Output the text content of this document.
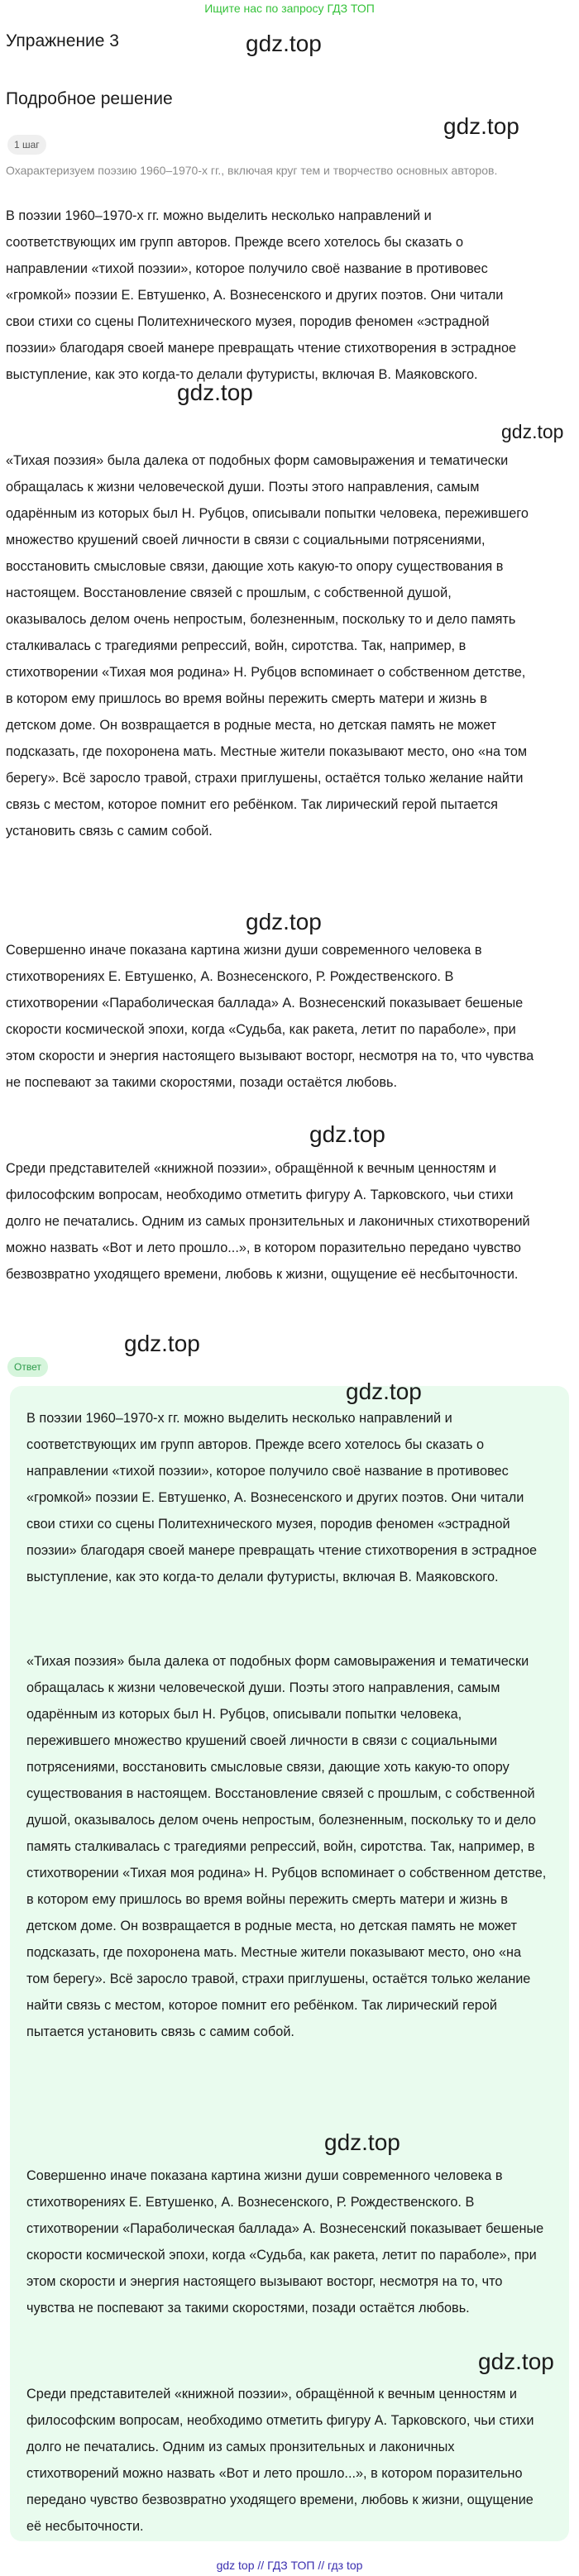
Ищите нас по запросу ГДЗ ТОП
Упражнение 3	gdz.top
Подробное решение
gdz.top
1 шаг
Охарактеризуем поэзию 1960–1970-х гг., включая круг тем и творчество основных авторов.

В поэзии 1960–1970-х гг. можно выделить несколько направлений и соответствующих им групп авторов. Прежде всего хотелось бы сказать о направлении «тихой поэзии», которое получило своё название в противовес «громкой» поэзии Е. Евтушенко, А. Вознесенского и других поэтов. Они читали свои стихи со сцены Политехнического музея, породив феномен «эстрадной поэзии» благодаря своей манере превращать чтение стихотворения в эстрадное выступление, как это когда-то делали футуристы, включая В. Маяковского.

gdz.top
gdz.top

«Тихая поэзия» была далека от подобных форм самовыражения и тематически обращалась к жизни человеческой души. Поэты этого направления, самым одарённым из которых был Н. Рубцов, описывали попытки человека, пережившего множество крушений своей личности в связи с социальными потрясениями, восстановить смысловые связи, дающие хоть какую-то опору существования в настоящем. Восстановление связей с прошлым, с собственной душой, оказывалось делом очень непростым, болезненным, поскольку то и дело память сталкивалась с трагедиями репрессий, войн, сиротства. Так, например, в стихотворении «Тихая моя родина» Н. Рубцов вспоминает о собственном детстве, в котором ему пришлось во время войны пережить смерть матери и жизнь в детском доме. Он возвращается в родные места, но детская память не может подсказать, где похоронена мать. Местные жители показывают место, оно «на том берегу». Всё заросло травой, страхи приглушены, остаётся только желание найти связь с местом, которое помнит его ребёнком. Так лирический герой пытается установить связь с самим собой.

gdz.top

Совершенно иначе показана картина жизни души современного человека в стихотворениях Е. Евтушенко, А. Вознесенского, Р. Рождественского. В стихотворении «Параболическая баллада» А. Вознесенский показывает бешеные скорости космической эпохи, когда «Судьба, как ракета, летит по параболе», при этом скорости и энергия настоящего вызывают восторг, несмотря на то, что чувства не поспевают за такими скоростями, позади остаётся любовь.

gdz.top

Среди представителей «книжной поэзии», обращённой к вечным ценностям и философским вопросам, необходимо отметить фигуру А. Тарковского, чьи стихи долго не печатались. Одним из самых пронзительных и лаконичных стихотворений можно назвать «Вот и лето прошло...», в котором поразительно передано чувство безвозвратно уходящего времени, любовь к жизни, ощущение её несбыточности.

Ответ
gdz.top
gdz.top

В поэзии 1960–1970-х гг. можно выделить несколько направлений и соответствующих им групп авторов. Прежде всего хотелось бы сказать о направлении «тихой поэзии», которое получило своё название в противовес «громкой» поэзии Е. Евтушенко, А. Вознесенского и других поэтов. Они читали свои стихи со сцены Политехнического музея, породив феномен «эстрадной поэзии» благодаря своей манере превращать чтение стихотворения в эстрадное выступление, как это когда-то делали футуристы, включая В. Маяковского.

«Тихая поэзия» была далека от подобных форм самовыражения и тематически обращалась к жизни человеческой души. Поэты этого направления, самым одарённым из которых был Н. Рубцов, описывали попытки человека, пережившего множество крушений своей личности в связи с социальными потрясениями, восстановить смысловые связи, дающие хоть какую-то опору существования в настоящем. Восстановление связей с прошлым, с собственной душой, оказывалось делом очень непростым, болезненным, поскольку то и дело память сталкивалась с трагедиями репрессий, войн, сиротства. Так, например, в стихотворении «Тихая моя родина» Н. Рубцов вспоминает о собственном детстве, в котором ему пришлось во время войны пережить смерть матери и жизнь в детском доме. Он возвращается в родные места, но детская память не может подсказать, где похоронена мать. Местные жители показывают место, оно «на том берегу». Всё заросло травой, страхи приглушены, остаётся только желание найти связь с местом, которое помнит его ребёнком. Так лирический герой пытается установить связь с самим собой.

gdz.top

Совершенно иначе показана картина жизни души современного человека в стихотворениях Е. Евтушенко, А. Вознесенского, Р. Рождественского. В стихотворении «Параболическая баллада» А. Вознесенский показывает бешеные скорости космической эпохи, когда «Судьба, как ракета, летит по параболе», при этом скорости и энергия настоящего вызывают восторг, несмотря на то, что чувства не поспевают за такими скоростями, позади остаётся любовь.

gdz.top

Среди представителей «книжной поэзии», обращённой к вечным ценностям и философским вопросам, необходимо отметить фигуру А. Тарковского, чьи стихи долго не печатались. Одним из самых пронзительных и лаконичных стихотворений можно назвать «Вот и лето прошло...», в котором поразительно передано чувство безвозвратно уходящего времени, любовь к жизни, ощущение её несбыточности.

gdz top // ГДЗ ТОП // гдз top
